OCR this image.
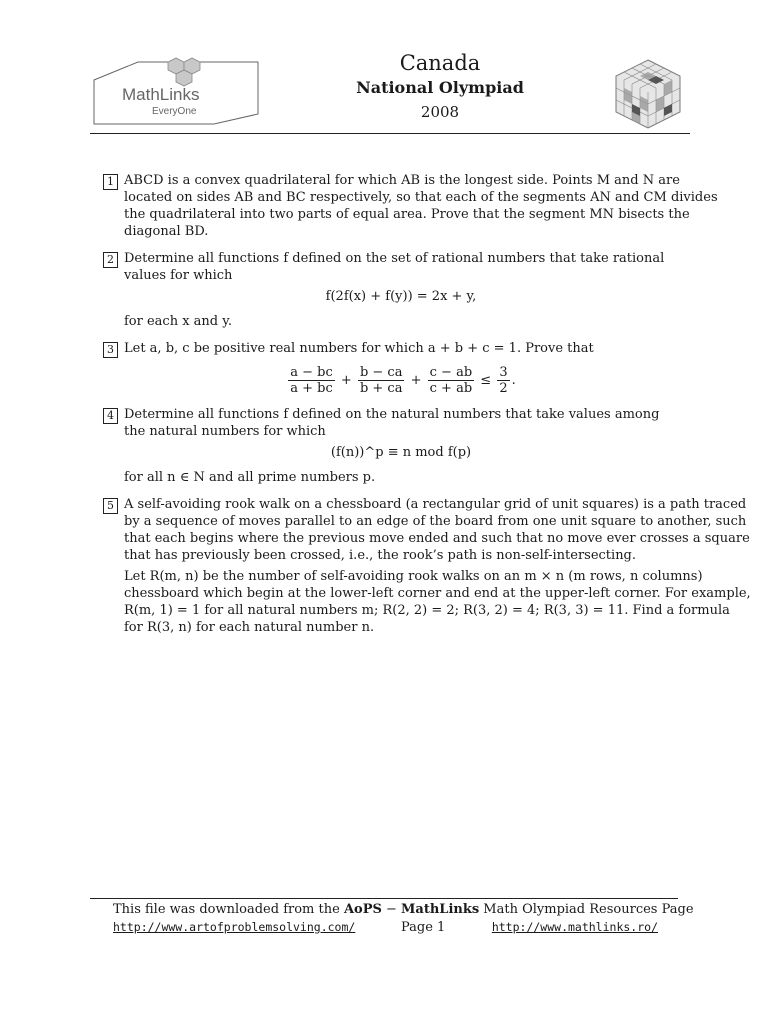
MathLinks
EveryOne
Canada
National Olympiad
2008
1 ABCD is a convex quadrilateral for which AB is the longest side. Points M and N are
located on sides AB and BC respectively, so that each of the segments AN and CM divides
the quadrilateral into two parts of equal area. Prove that the segment MN bisects the
diagonal BD.
2 Determine all functions f defined on the set of rational numbers that take rational values for which
f(2f(x) + f(y)) = 2x + y,
for each x and y.
3 Let a, b, c be positive real numbers for which a + b + c = 1. Prove that
$\frac{a - bc}{a + bc} + \frac{b - ca}{b + ca} + \frac{c - ab}{c + ab} \le \frac{3}{2}$ .
4 Determine all functions f defined on the natural numbers that take values among the natural numbers for which
(f(n))^p ≡ n mod f(p)
for all n ∈ N and all prime numbers p.
5 A self-avoiding rook walk on a chessboard (a rectangular grid of unit squares) is a path traced
by a sequence of moves parallel to an edge of the board from one unit square to another, such
that each begins where the previous move ended and such that no move ever crosses a square
that has previously been crossed, i.e., the rook’s path is non-self-intersecting.
Let R(m, n) be the number of self-avoiding rook walks on an m × n (m rows, n columns)
chessboard which begin at the lower-left corner and end at the upper-left corner. For example,
R(m, 1) = 1 for all natural numbers m; R(2, 2) = 2; R(3, 2) = 4; R(3, 3) = 11. Find a formula
for R(3, n) for each natural number n.
This file was downloaded from the AoPS − MathLinks Math Olympiad Resources Page
http://www.artofproblemsolving.com/	Page 1	http://www.mathlinks.ro/
